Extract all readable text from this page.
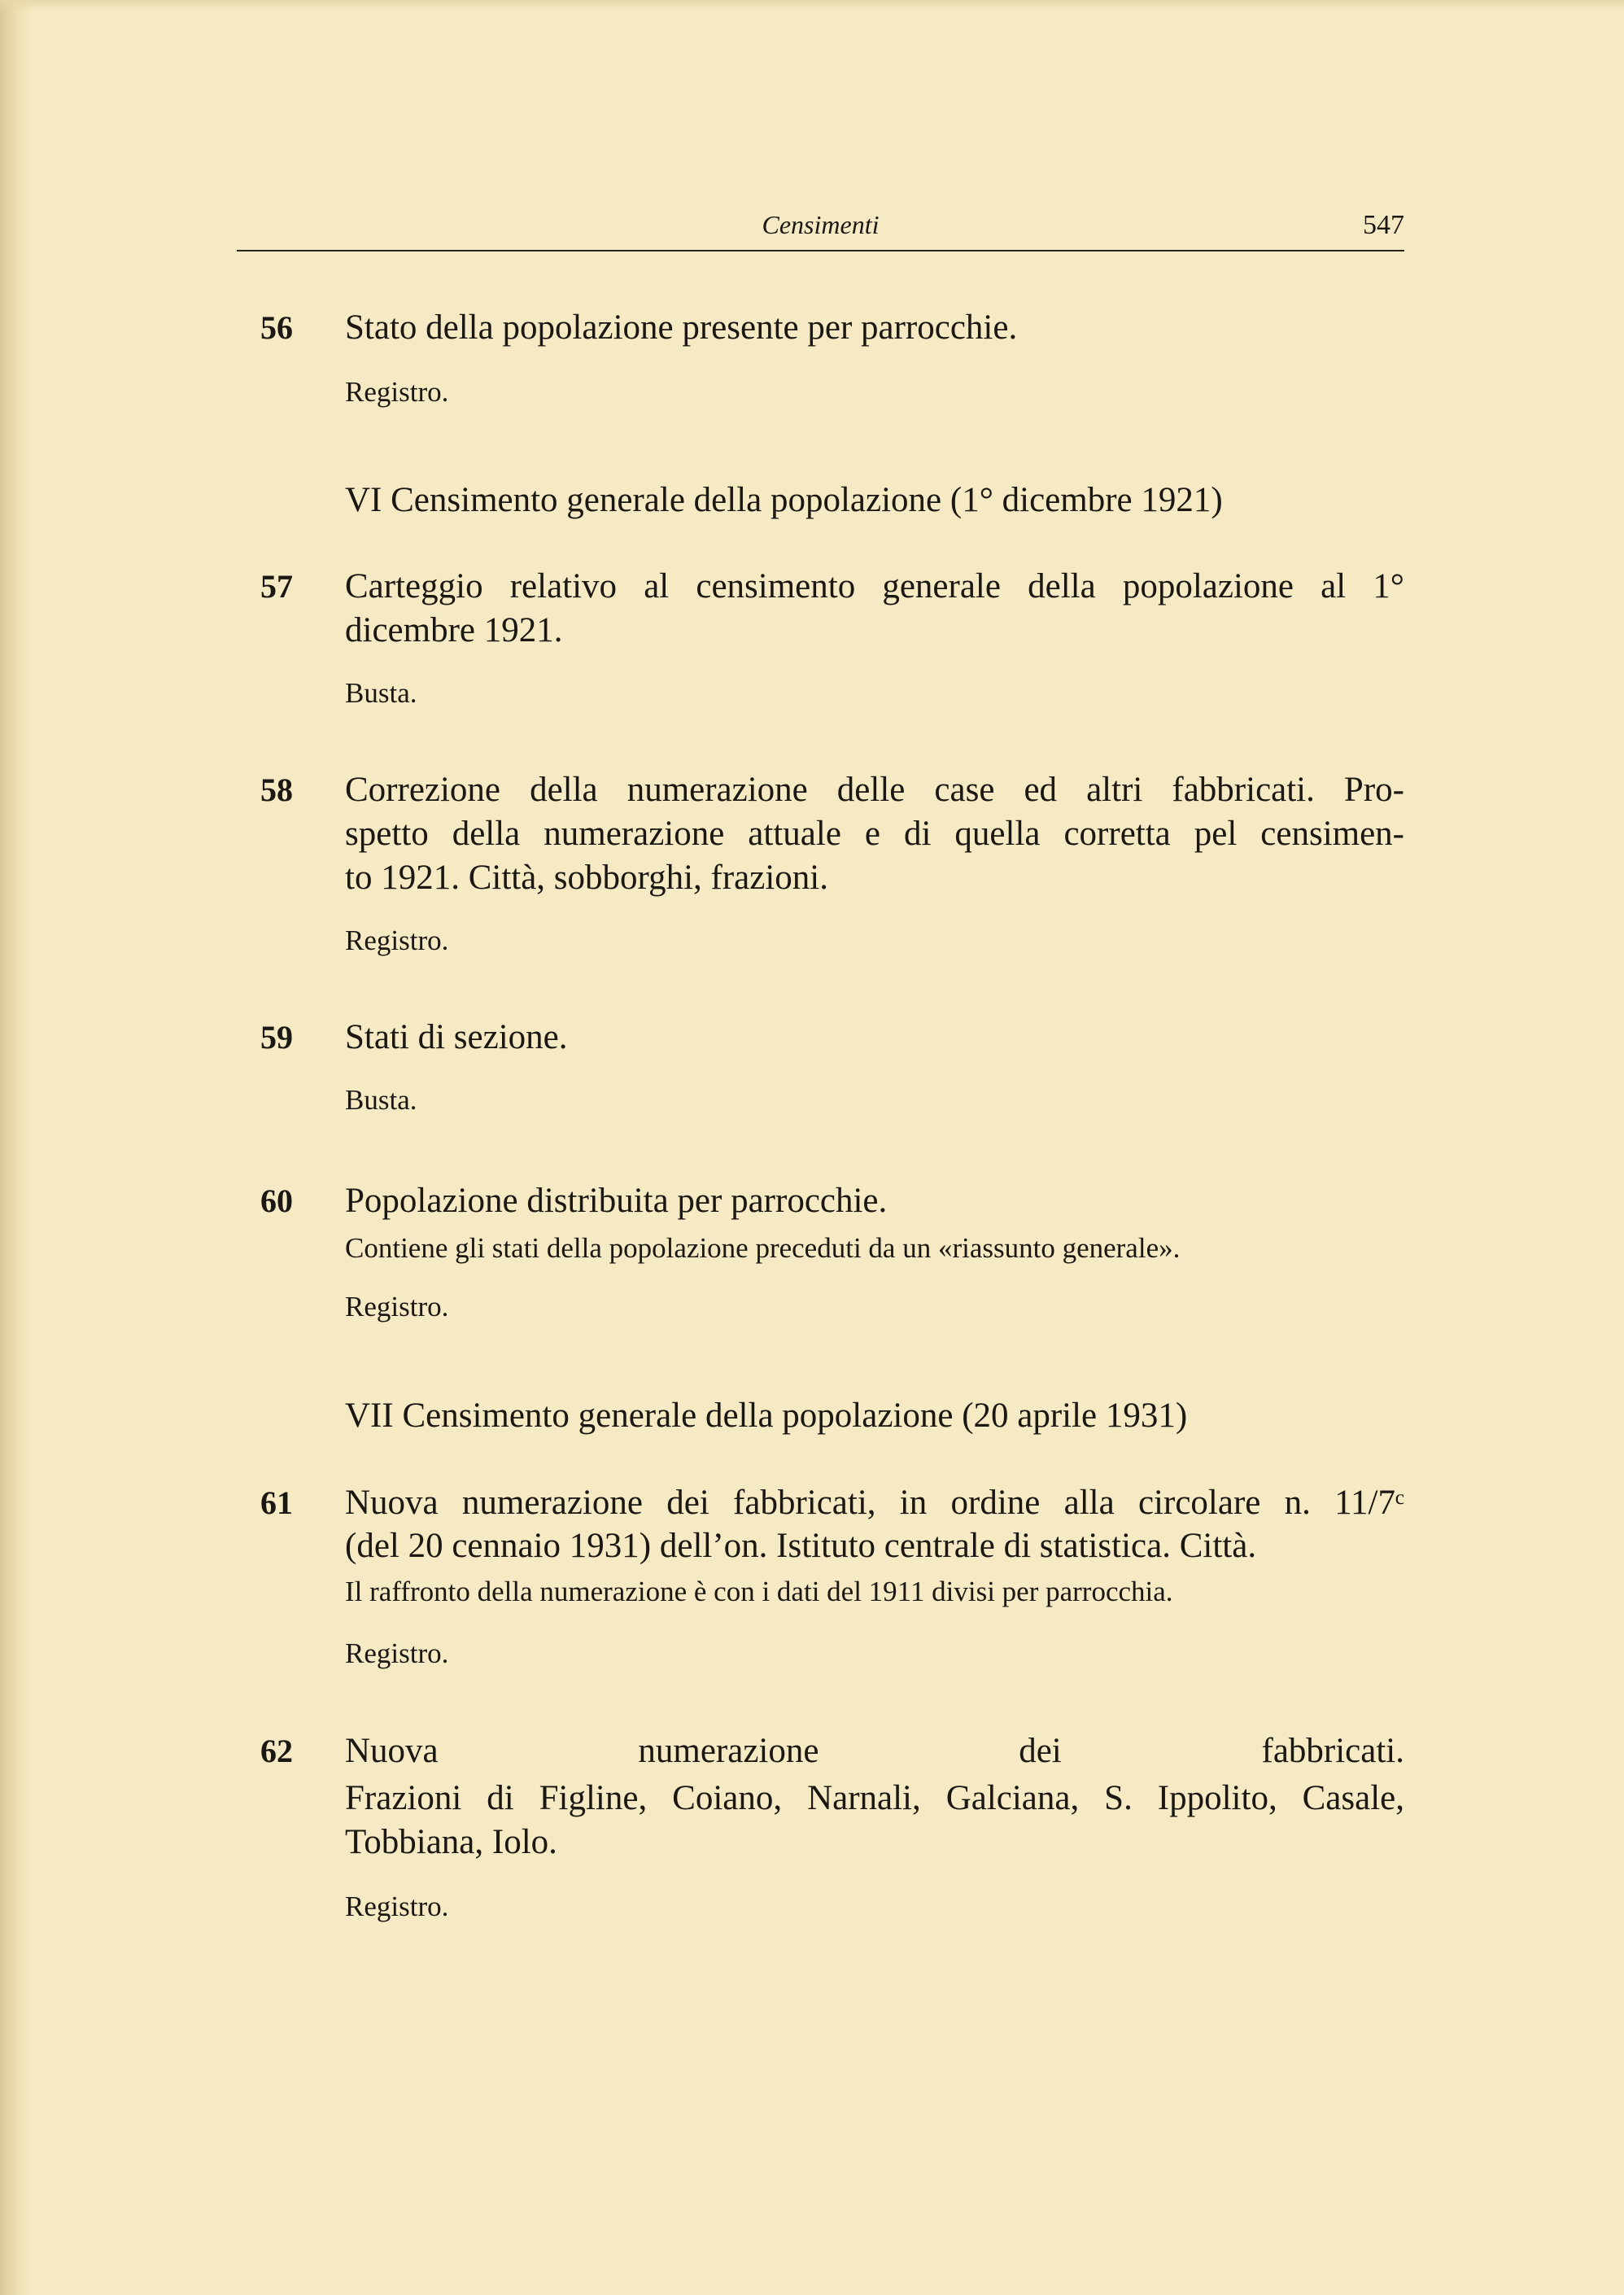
Censimenti	547
56	Stato della popolazione presente per parrocchie.
Registro.
VI Censimento generale della popolazione (1° dicembre 1921)
57	Carteggio relativo al censimento generale della popolazione al 1°
dicembre 1921.
Busta.
58	Correzione della numerazione delle case ed altri fabbricati. Pro-
spetto della numerazione attuale e di quella corretta pel censimen-
to 1921. Città, sobborghi, frazioni.
Registro.
59	Stati di sezione.
Busta.
60	Popolazione distribuita per parrocchie.
Contiene gli stati della popolazione preceduti da un «riassunto generale».
Registro.
VII Censimento generale della popolazione (20 aprile 1931)
61	Nuova numerazione dei fabbricati, in ordine alla circolare n. 11/7ᶜ
(del 20 cennaio 1931) dell’on. Istituto centrale di statistica. Città.
Il raffronto della numerazione è con i dati del 1911 divisi per parrocchia.
Registro.
62	Nuova numerazione dei fabbricati.
Frazioni di Figline, Coiano, Narnali, Galciana, S. Ippolito, Casale,
Tobbiana, Iolo.
Registro.
